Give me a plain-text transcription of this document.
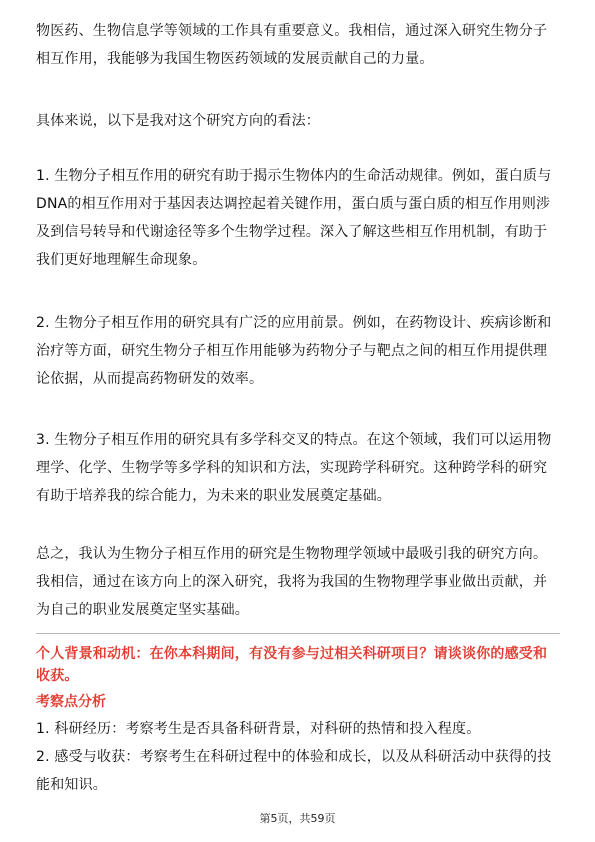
物医药、生物信息学等领域的工作具有重要意义。我相信，通过深入研究生物分子相互作用，我能够为我国生物医药领域的发展贡献自己的力量。

具体来说，以下是我对这个研究方向的看法：

1. 生物分子相互作用的研究有助于揭示生物体内的生命活动规律。例如，蛋白质与DNA的相互作用对于基因表达调控起着关键作用，蛋白质与蛋白质的相互作用则涉及到信号转导和代谢途径等多个生物学过程。深入了解这些相互作用机制，有助于我们更好地理解生命现象。

2. 生物分子相互作用的研究具有广泛的应用前景。例如，在药物设计、疾病诊断和治疗等方面，研究生物分子相互作用能够为药物分子与靶点之间的相互作用提供理论依据，从而提高药物研发的效率。

3. 生物分子相互作用的研究具有多学科交叉的特点。在这个领域，我们可以运用物理学、化学、生物学等多学科的知识和方法，实现跨学科研究。这种跨学科的研究有助于培养我的综合能力，为未来的职业发展奠定基础。

总之，我认为生物分子相互作用的研究是生物物理学领域中最吸引我的研究方向。我相信，通过在该方向上的深入研究，我将为我国的生物物理学事业做出贡献，并为自己的职业发展奠定坚实基础。

个人背景和动机：在你本科期间，有没有参与过相关科研项目？请谈谈你的感受和收获。

考察点分析

1. 科研经历：考察考生是否具备科研背景，对科研的热情和投入程度。

2. 感受与收获：考察考生在科研过程中的体验和成长，以及从科研活动中获得的技能和知识。

第5页，共59页
